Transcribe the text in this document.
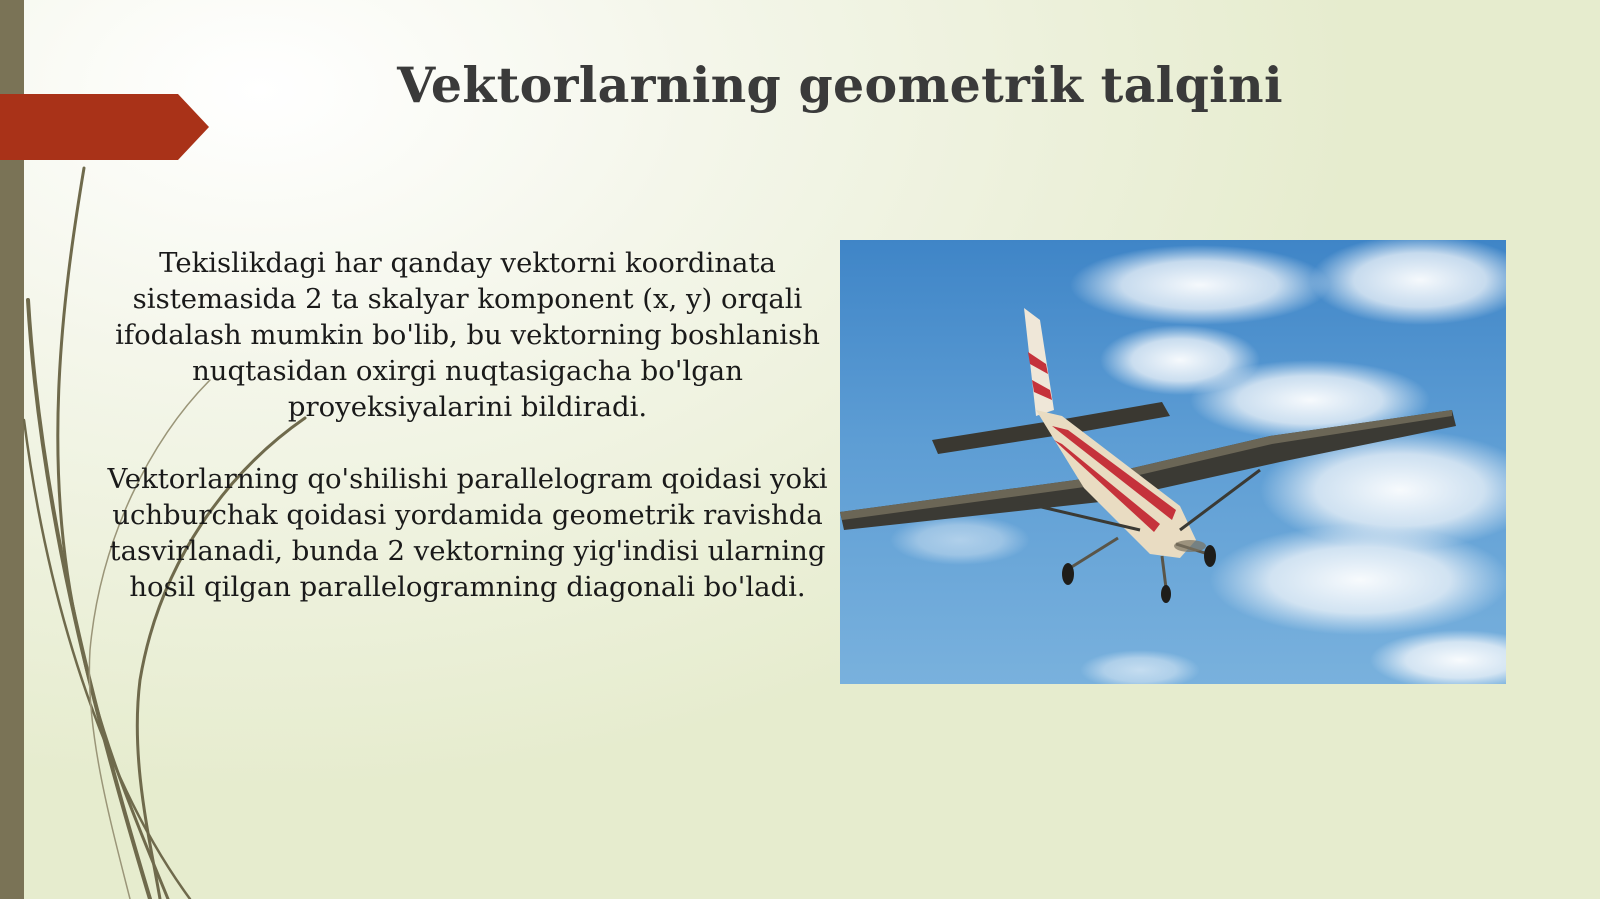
Vektorlarning geometrik talqini

Tekislikdagi har qanday vektorni koordinata sistemasida 2 ta skalyar komponent (x, y) orqali ifodalash mumkin bo'lib, bu vektorning boshlanish nuqtasidan oxirgi nuqtasigacha bo'lgan proyeksiyalarini bildiradi.

Vektorlarning qo'shilishi parallelogram qoidasi yoki uchburchak qoidasi yordamida geometrik ravishda tasvirlanadi, bunda 2 vektorning yig'indisi ularning hosil qilgan parallelogramning diagonali bo'ladi.
